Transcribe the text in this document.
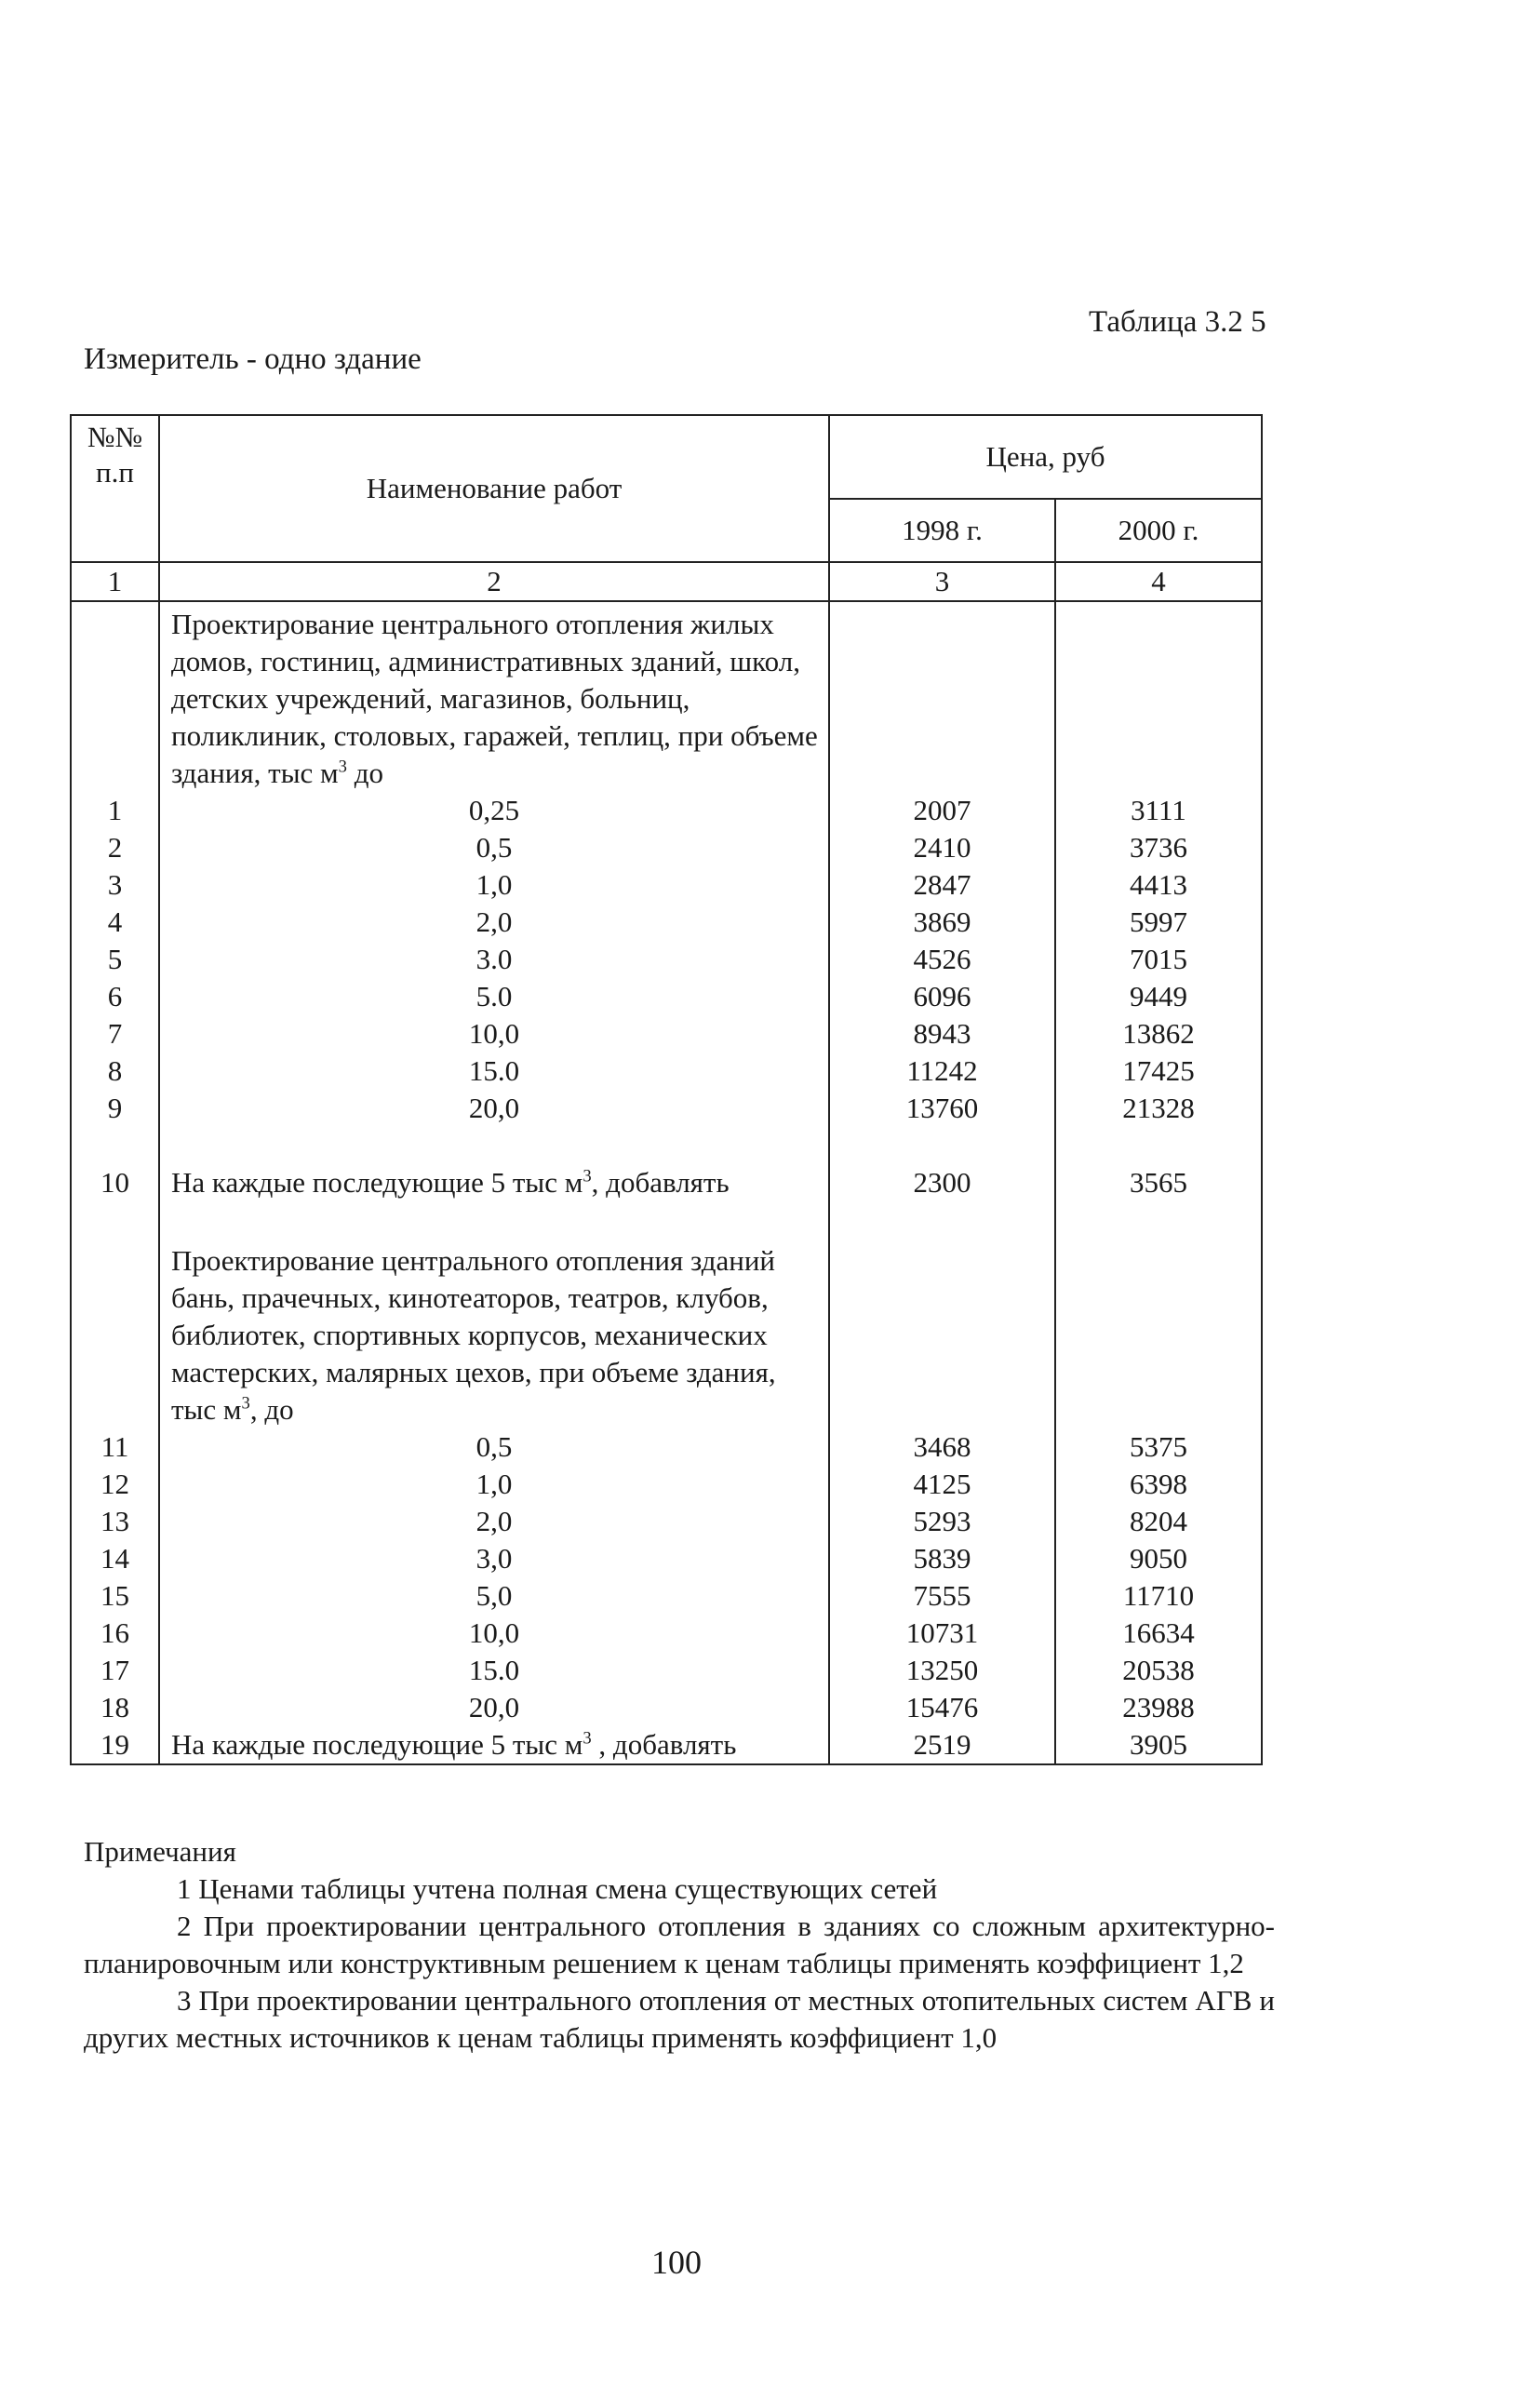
Таблица 3.2 5
Измеритель - одно здание
№№ п.п	Наименование работ	Цена, руб	
		1998 г.	2000 г.
1	2	3	4
	Проектирование центрального отопления жилых домов, гостиниц, административных зданий, школ, детских учреждений, магазинов, больниц, поликлиник, столовых, гаражей, теплиц, при объеме здания, тыс $м^3$ до		
1	0,25	2007	3111
2	0,5	2410	3736
3	1,0	2847	4413
4	2,0	3869	5997
5	3.0	4526	7015
6	5.0	6096	9449
7	10,0	8943	13862
8	15.0	11242	17425
9	20,0	13760	21328

10	На каждые последующие 5 тыс $м^3$, добавлять	2300	3565

	Проектирование центрального отопления зданий бань, прачечных, кинотеаторов, театров, клубов, библиотек, спортивных корпусов, механических мастерских, малярных цехов, при объеме здания, тыс $м^3$, до		
11	0,5	3468	5375
12	1,0	4125	6398
13	2,0	5293	8204
14	3,0	5839	9050
15	5,0	7555	11710
16	10,0	10731	16634
17	15.0	13250	20538
18	20,0	15476	23988
19	На каждые последующие 5 тыс $м^3$ , добавлять	2519	3905

Примечания

1 Ценами таблицы учтена полная смена существующих сетей

2 При проектировании центрального отопления в зданиях со сложным архитектурно-планировочным или конструктивным решением к ценам таблицы применять коэффициент 1,2

3 При проектировании центрального отопления от местных отопительных систем АГВ и других местных источников к ценам таблицы применять коэффициент 1,0

100
